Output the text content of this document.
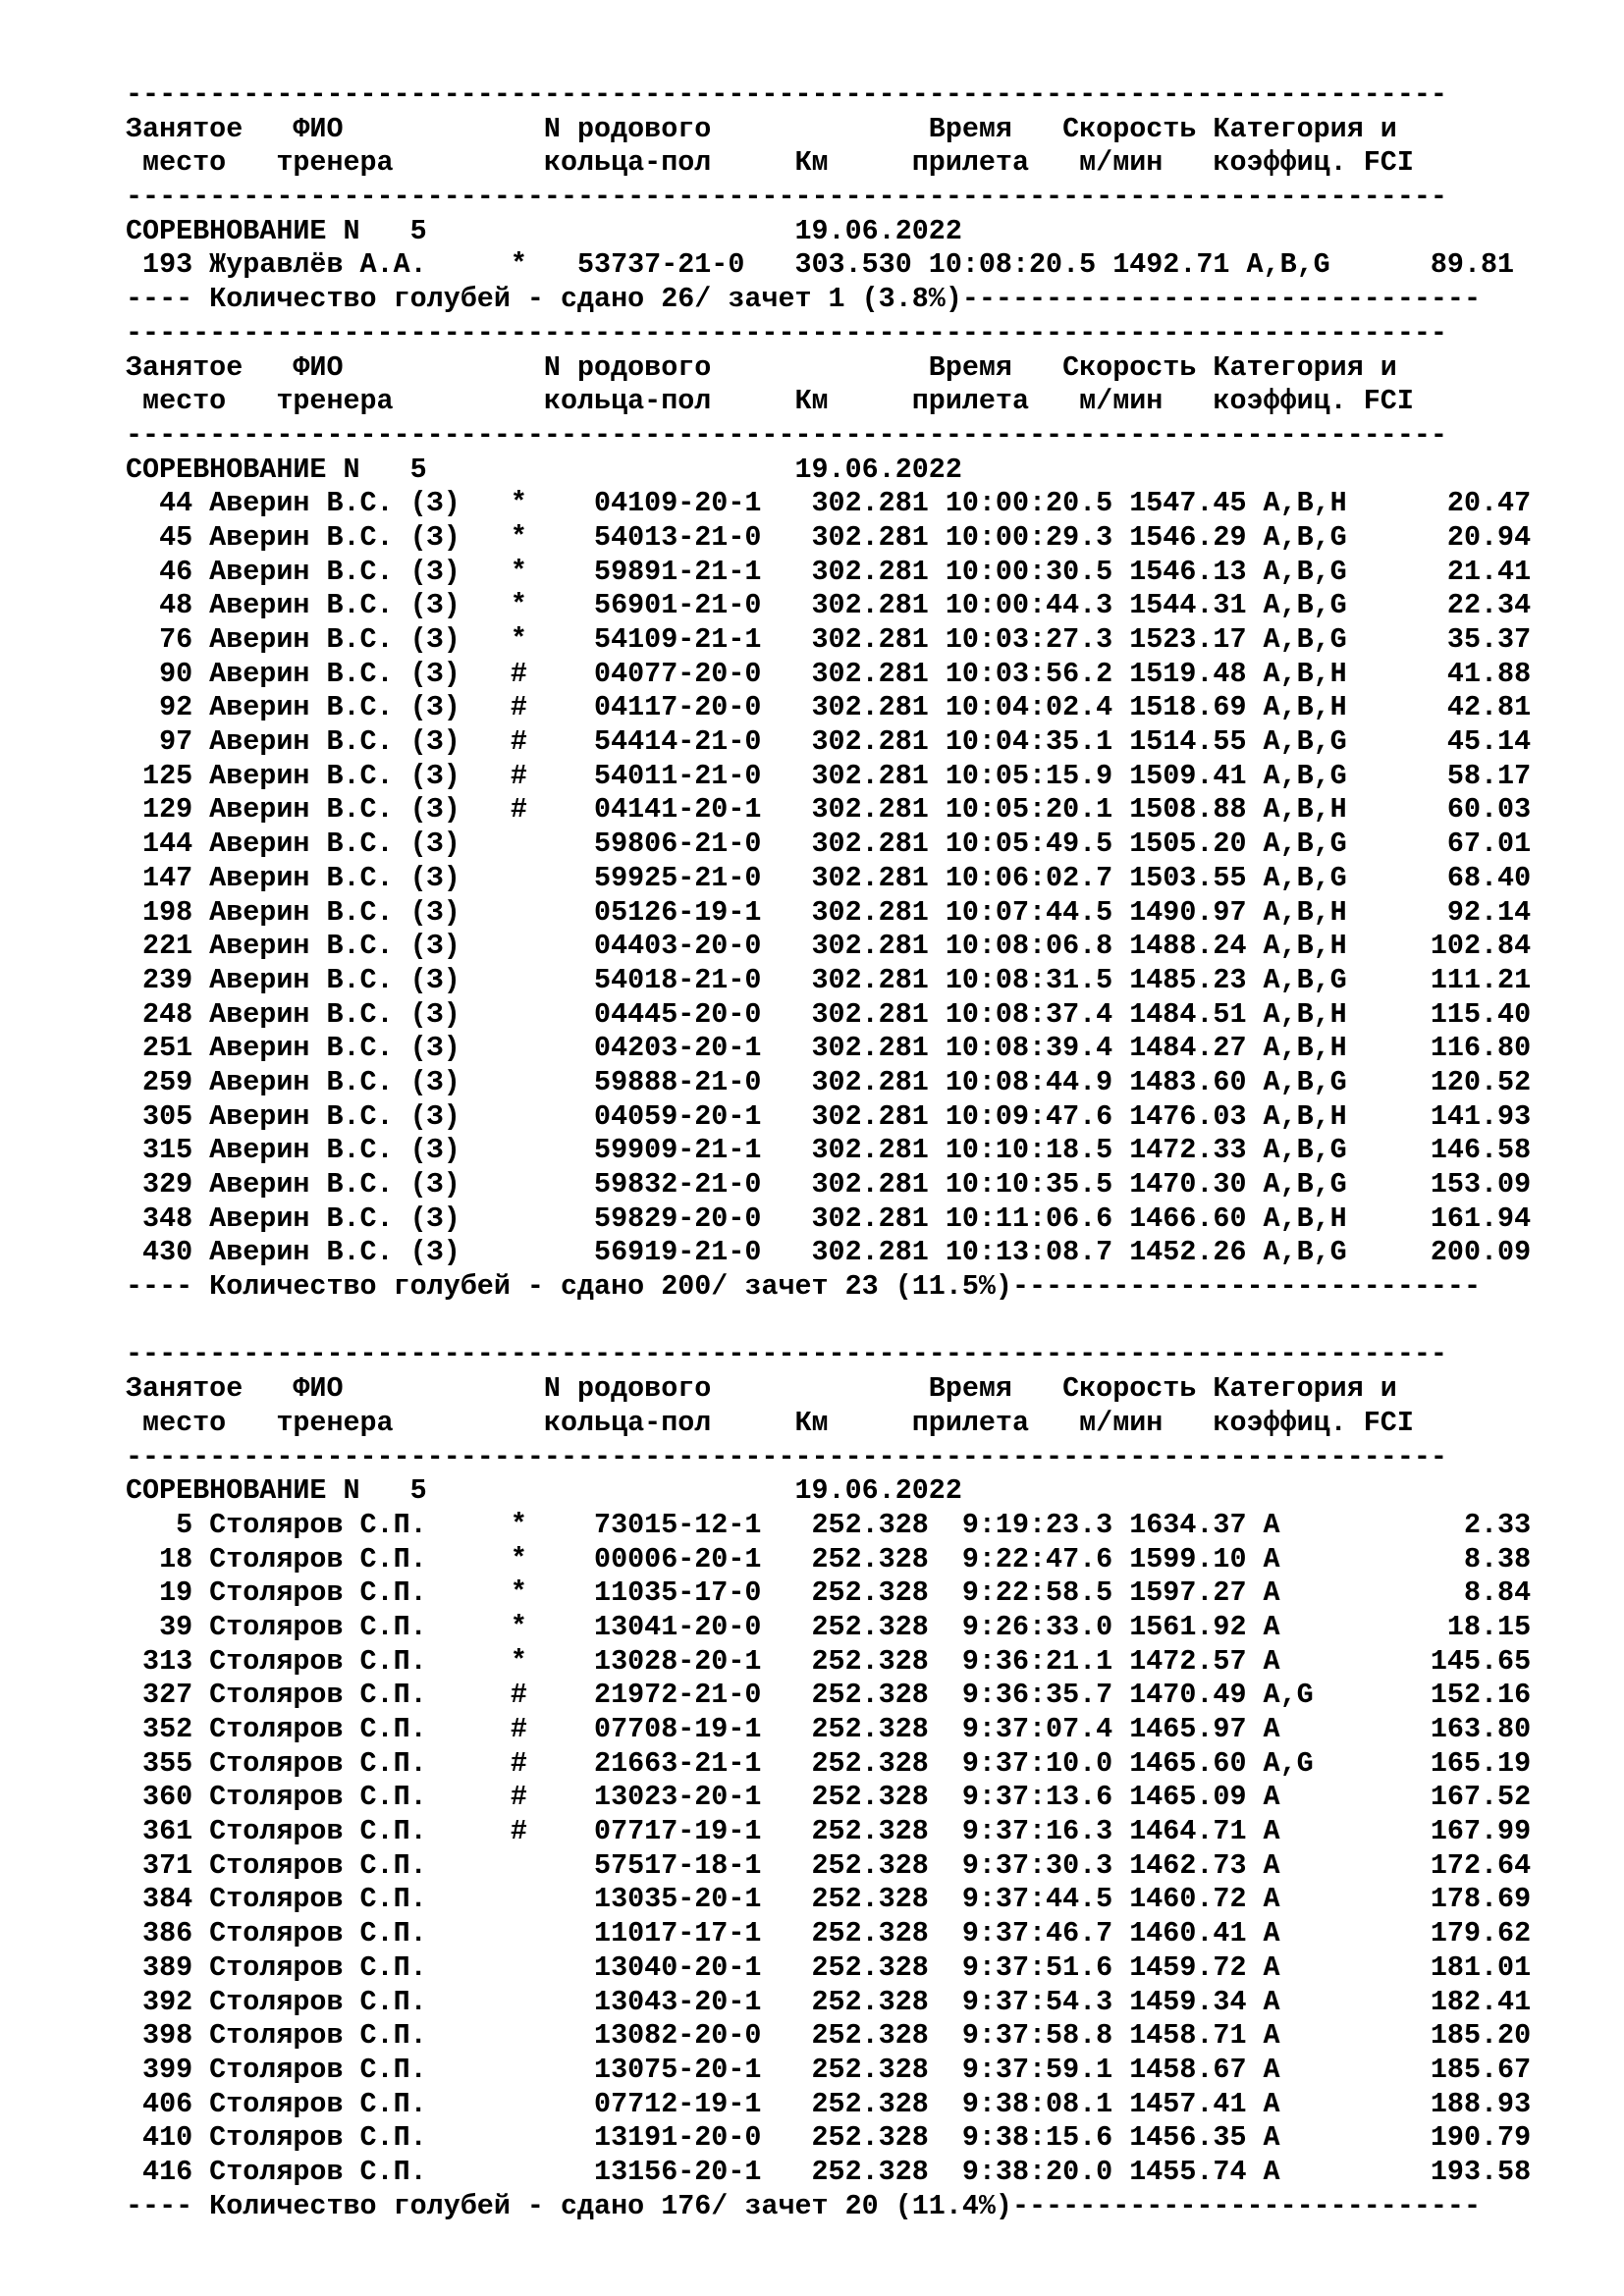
-------------------------------------------------------------------------------
Занятое   ФИО            N родового             Время   Скорость Категория и
место   тренера         кольца-пол     Км     прилета   м/мин   коэффиц. FCI
-------------------------------------------------------------------------------
СОРЕВНОВАНИЕ N   5                      19.06.2022
193 Журавлёв А.А.     *   53737-21-0   303.530 10:08:20.5 1492.71 A,B,G      89.81
---- Количество голубей - сдано 26/ зачет 1 (3.8%)-------------------------------
-------------------------------------------------------------------------------
Занятое   ФИО            N родового             Время   Скорость Категория и
место   тренера         кольца-пол     Км     прилета   м/мин   коэффиц. FCI
-------------------------------------------------------------------------------
СОРЕВНОВАНИЕ N   5                      19.06.2022
44 Аверин В.С. (З)   *    04109-20-1   302.281 10:00:20.5 1547.45 A,B,H      20.47
45 Аверин В.С. (З)   *    54013-21-0   302.281 10:00:29.3 1546.29 A,B,G      20.94
46 Аверин В.С. (З)   *    59891-21-1   302.281 10:00:30.5 1546.13 A,B,G      21.41
48 Аверин В.С. (З)   *    56901-21-0   302.281 10:00:44.3 1544.31 A,B,G      22.34
76 Аверин В.С. (З)   *    54109-21-1   302.281 10:03:27.3 1523.17 A,B,G      35.37
90 Аверин В.С. (З)   #    04077-20-0   302.281 10:03:56.2 1519.48 A,B,H      41.88
92 Аверин В.С. (З)   #    04117-20-0   302.281 10:04:02.4 1518.69 A,B,H      42.81
97 Аверин В.С. (З)   #    54414-21-0   302.281 10:04:35.1 1514.55 A,B,G      45.14
125 Аверин В.С. (З)   #    54011-21-0   302.281 10:05:15.9 1509.41 A,B,G      58.17
129 Аверин В.С. (З)   #    04141-20-1   302.281 10:05:20.1 1508.88 A,B,H      60.03
144 Аверин В.С. (З)        59806-21-0   302.281 10:05:49.5 1505.20 A,B,G      67.01
147 Аверин В.С. (З)        59925-21-0   302.281 10:06:02.7 1503.55 A,B,G      68.40
198 Аверин В.С. (З)        05126-19-1   302.281 10:07:44.5 1490.97 A,B,H      92.14
221 Аверин В.С. (З)        04403-20-0   302.281 10:08:06.8 1488.24 A,B,H     102.84
239 Аверин В.С. (З)        54018-21-0   302.281 10:08:31.5 1485.23 A,B,G     111.21
248 Аверин В.С. (З)        04445-20-0   302.281 10:08:37.4 1484.51 A,B,H     115.40
251 Аверин В.С. (З)        04203-20-1   302.281 10:08:39.4 1484.27 A,B,H     116.80
259 Аверин В.С. (З)        59888-21-0   302.281 10:08:44.9 1483.60 A,B,G     120.52
305 Аверин В.С. (З)        04059-20-1   302.281 10:09:47.6 1476.03 A,B,H     141.93
315 Аверин В.С. (З)        59909-21-1   302.281 10:10:18.5 1472.33 A,B,G     146.58
329 Аверин В.С. (З)        59832-21-0   302.281 10:10:35.5 1470.30 A,B,G     153.09
348 Аверин В.С. (З)        59829-20-0   302.281 10:11:06.6 1466.60 A,B,H     161.94
430 Аверин В.С. (З)        56919-21-0   302.281 10:13:08.7 1452.26 A,B,G     200.09
---- Количество голубей - сдано 200/ зачет 23 (11.5%)----------------------------
-------------------------------------------------------------------------------
Занятое   ФИО            N родового             Время   Скорость Категория и
место   тренера         кольца-пол     Км     прилета   м/мин   коэффиц. FCI
-------------------------------------------------------------------------------
СОРЕВНОВАНИЕ N   5                      19.06.2022
5 Столяров С.П.     *    73015-12-1   252.328  9:19:23.3 1634.37 A           2.33
18 Столяров С.П.     *    00006-20-1   252.328  9:22:47.6 1599.10 A           8.38
19 Столяров С.П.     *    11035-17-0   252.328  9:22:58.5 1597.27 A           8.84
39 Столяров С.П.     *    13041-20-0   252.328  9:26:33.0 1561.92 A          18.15
313 Столяров С.П.     *    13028-20-1   252.328  9:36:21.1 1472.57 A         145.65
327 Столяров С.П.     #    21972-21-0   252.328  9:36:35.7 1470.49 A,G       152.16
352 Столяров С.П.     #    07708-19-1   252.328  9:37:07.4 1465.97 A         163.80
355 Столяров С.П.     #    21663-21-1   252.328  9:37:10.0 1465.60 A,G       165.19
360 Столяров С.П.     #    13023-20-1   252.328  9:37:13.6 1465.09 A         167.52
361 Столяров С.П.     #    07717-19-1   252.328  9:37:16.3 1464.71 A         167.99
371 Столяров С.П.          57517-18-1   252.328  9:37:30.3 1462.73 A         172.64
384 Столяров С.П.          13035-20-1   252.328  9:37:44.5 1460.72 A         178.69
386 Столяров С.П.          11017-17-1   252.328  9:37:46.7 1460.41 A         179.62
389 Столяров С.П.          13040-20-1   252.328  9:37:51.6 1459.72 A         181.01
392 Столяров С.П.          13043-20-1   252.328  9:37:54.3 1459.34 A         182.41
398 Столяров С.П.          13082-20-0   252.328  9:37:58.8 1458.71 A         185.20
399 Столяров С.П.          13075-20-1   252.328  9:37:59.1 1458.67 A         185.67
406 Столяров С.П.          07712-19-1   252.328  9:38:08.1 1457.41 A         188.93
410 Столяров С.П.          13191-20-0   252.328  9:38:15.6 1456.35 A         190.79
416 Столяров С.П.          13156-20-1   252.328  9:38:20.0 1455.74 A         193.58
---- Количество голубей - сдано 176/ зачет 20 (11.4%)----------------------------
